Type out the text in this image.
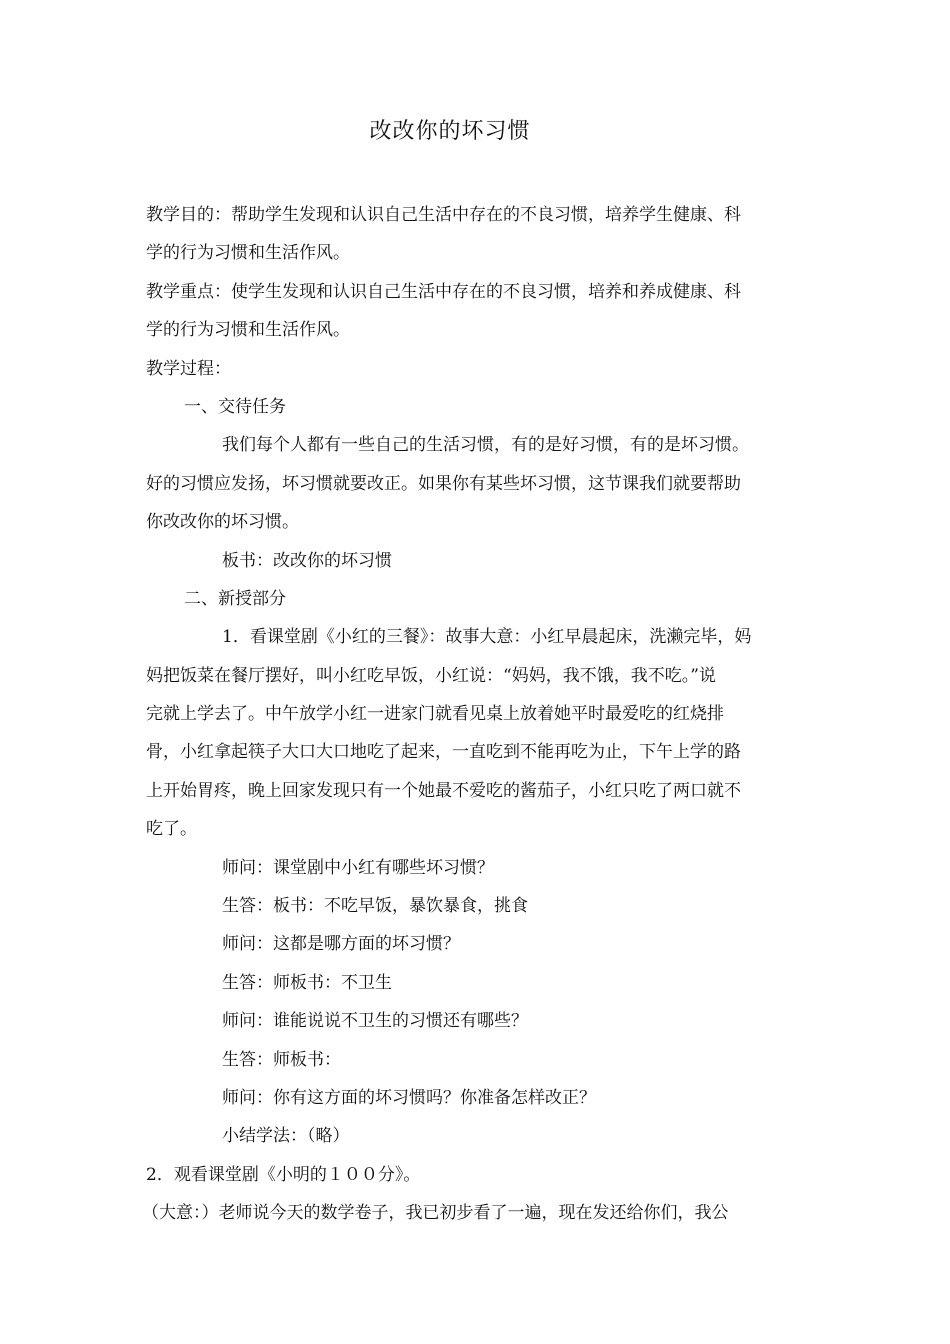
改改你的坏习惯
教学目的：帮助学生发现和认识自己生活中存在的不良习惯，培养学生健康、科
学的行为习惯和生活作风。
教学重点：使学生发现和认识自己生活中存在的不良习惯，培养和养成健康、科
学的行为习惯和生活作风。
教学过程：
一、交待任务
我们每个人都有一些自己的生活习惯，有的是好习惯，有的是坏习惯。
好的习惯应发扬，坏习惯就要改正。如果你有某些坏习惯，这节课我们就要帮助
你改改你的坏习惯。
板书：改改你的坏习惯
二、新授部分
1．看课堂剧《小红的三餐》：故事大意：小红早晨起床，洗濑完毕，妈
妈把饭菜在餐厅摆好，叫小红吃早饭，小红说：“妈妈，我不饿，我不吃。”说
完就上学去了。中午放学小红一进家门就看见桌上放着她平时最爱吃的红烧排
骨，小红拿起筷子大口大口地吃了起来，一直吃到不能再吃为止，下午上学的路
上开始胃疼，晚上回家发现只有一个她最不爱吃的酱茄子，小红只吃了两口就不
吃了。
师问：课堂剧中小红有哪些坏习惯？
生答：板书：不吃早饭，暴饮暴食，挑食
师问：这都是哪方面的坏习惯？
生答：师板书：不卫生
师问：谁能说说不卫生的习惯还有哪些？
生答：师板书：
师问：你有这方面的坏习惯吗？你准备怎样改正？
小结学法：（略）
2．观看课堂剧《小明的１００分》。
（大意：）老师说今天的数学卷子，我已初步看了一遍，现在发还给你们，我公
